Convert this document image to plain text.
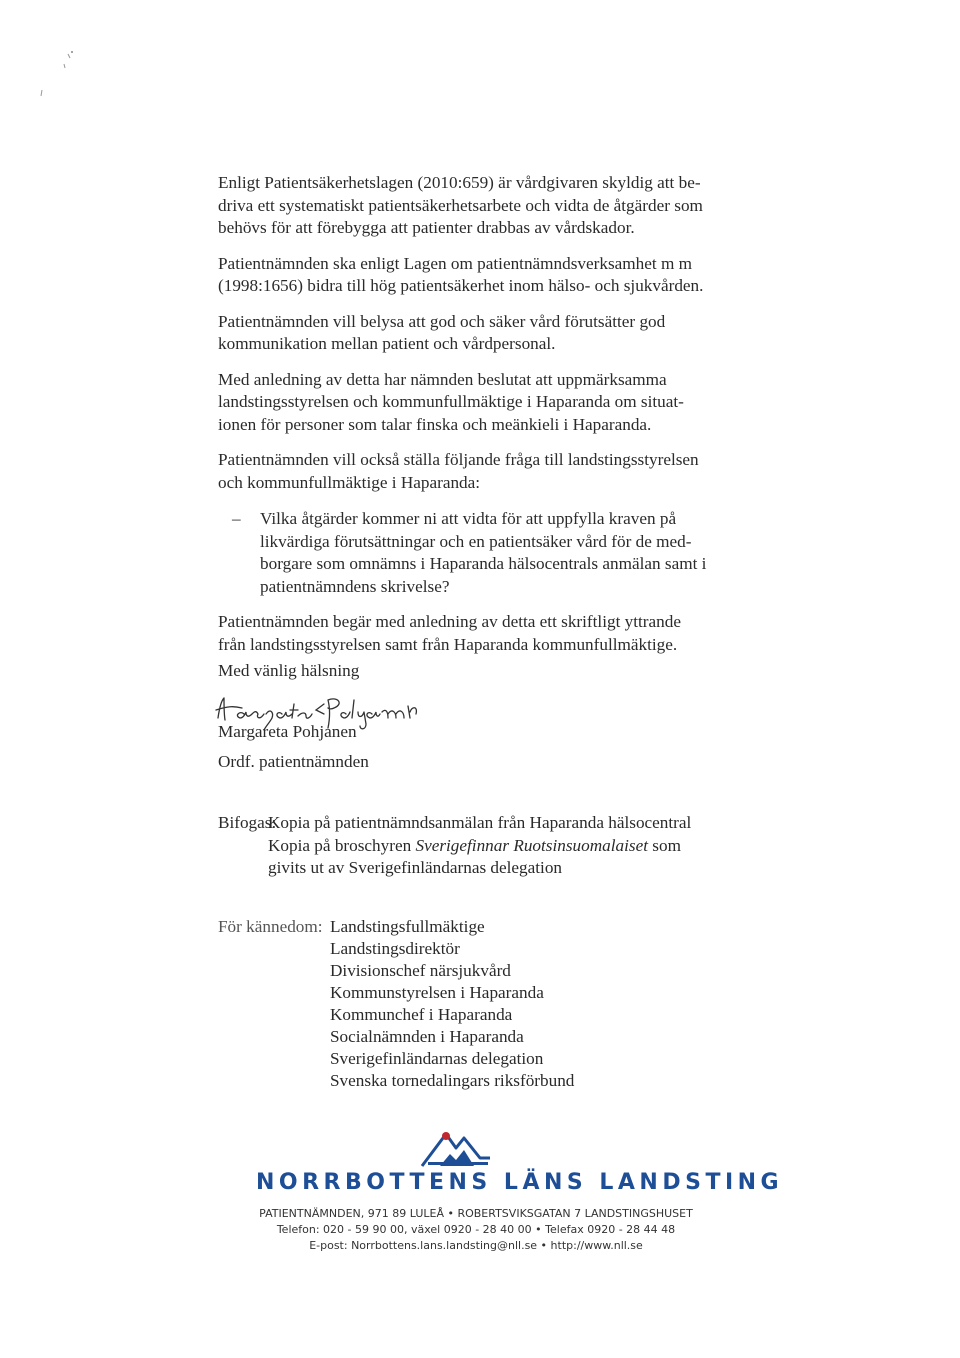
Enligt Patientsäkerhetslagen (2010:659) är vårdgivaren skyldig att be-
driva ett systematiskt patientsäkerhetsarbete och vidta de åtgärder som
behövs för att förebygga att patienter drabbas av vårdskador.

Patientnämnden ska enligt Lagen om patientnämndsverksamhet m m
(1998:1656) bidra till hög patientsäkerhet inom hälso- och sjukvården.

Patientnämnden vill belysa att god och säker vård förutsätter god
kommunikation mellan patient och vårdpersonal.

Med anledning av detta har nämnden beslutat att uppmärksamma
landstingsstyrelsen och kommunfullmäktige i Haparanda om situat-
ionen för personer som talar finska och meänkieli i Haparanda.

Patientnämnden vill också ställa följande fråga till landstingsstyrelsen
och kommunfullmäktige i Haparanda:

–	Vilka åtgärder kommer ni att vidta för att uppfylla kraven på
likvärdiga förutsättningar och en patientsäker vård för de med-
borgare som omnämns i Haparanda hälsocentrals anmälan samt i
patientnämndens skrivelse?

Patientnämnden begär med anledning av detta ett skriftligt yttrande
från landstingsstyrelsen samt från Haparanda kommunfullmäktige.

Med vänlig hälsning
Margareta Pohjanen
Ordf. patientnämnden
Bifogas:
Kopia på patientnämndsanmälan från Haparanda hälsocentral
Kopia på broschyren Sverigefinnar Ruotsinsuomalaiset som
givits ut av Sverigefinländarnas delegation
För kännedom: Landstingsfullmäktige
Landstingsdirektör
Divisionschef närsjukvård
Kommunstyrelsen i Haparanda
Kommunchef i Haparanda
Socialnämnden i Haparanda
Sverigefinländarnas delegation
Svenska tornedalingars riksförbund
NORRBOTTENS LÄNS LANDSTING
PATIENTNÄMNDEN, 971 89 LULEÅ • ROBERTSVIKSGATAN 7 LANDSTINGSHUSET
Telefon: 020 - 59 90 00, växel 0920 - 28 40 00 • Telefax 0920 - 28 44 48
E-post: Norrbottens.lans.landsting@nll.se • http://www.nll.se
